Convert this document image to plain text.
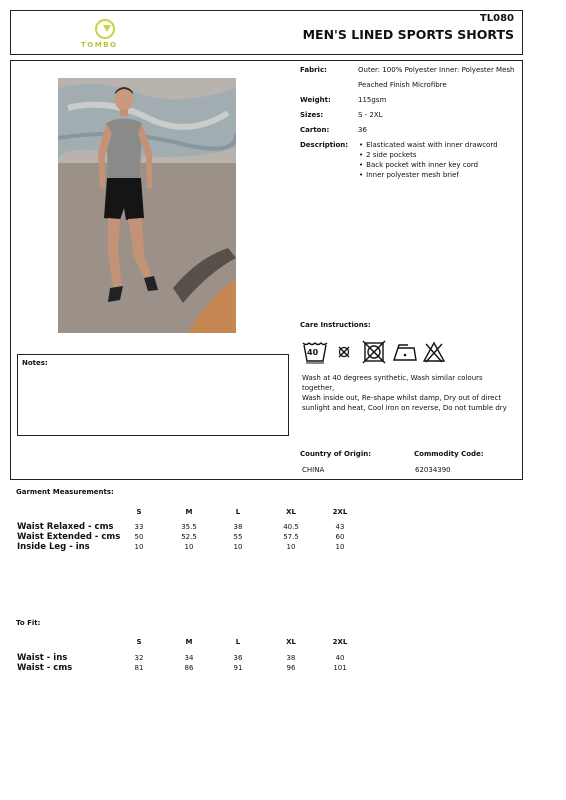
TOMBO
TL080
MEN'S LINED SPORTS SHORTS
Fabric:	Outer: 100% Polyester Inner: Polyester Mesh
Peached Finish Microfibre
Weight:	115gsm
Sizes:	S - 2XL
Carton:	36
Description:
•	Elasticated waist with inner drawcord
• 2 side pockets
• Back pocket with inner key cord
• Inner polyester mesh brief
Notes:
Care Instructions:
40
Wash at 40 degrees synthetic, Wash similar colours together,
Wash inside out, Re-shape whilst damp, Dry out of direct
sunlight and heat, Cool iron on reverse, Do not tumble dry
Country of Origin:
CHINA
Commodity Code:
62034390
Garment Measurements:
S	M	L	XL	2XL
Waist Relaxed - cms	33	35.5	38	40.5	43
Waist Extended - cms	50	52.5	55	57.5	60
Inside Leg - ins	10	10	10	10	10
To Fit:
S	M	L	XL	2XL
Waist - ins	32	34	36	38	40
Waist - cms	81	86	91	96	101
